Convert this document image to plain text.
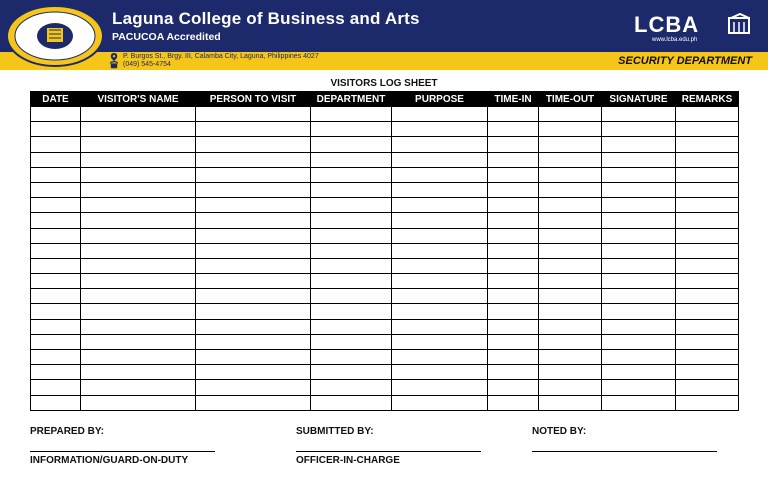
Laguna College of Business and Arts
PACUCOA Accredited	LCBA
www.lcba.edu.ph
P. Burgos St., Brgy. III, Calamba City, Laguna, Philippines 4027
(049) 545-4754	SECURITY DEPARTMENT
VISITORS LOG SHEET
DATE	VISITOR'S NAME	PERSON TO VISIT	DEPARTMENT	PURPOSE	TIME-IN	TIME-OUT	SIGNATURE	REMARKS

PREPARED BY:
INFORMATION/GUARD-ON-DUTY
SUBMITTED BY:
OFFICER-IN-CHARGE
NOTED BY:
